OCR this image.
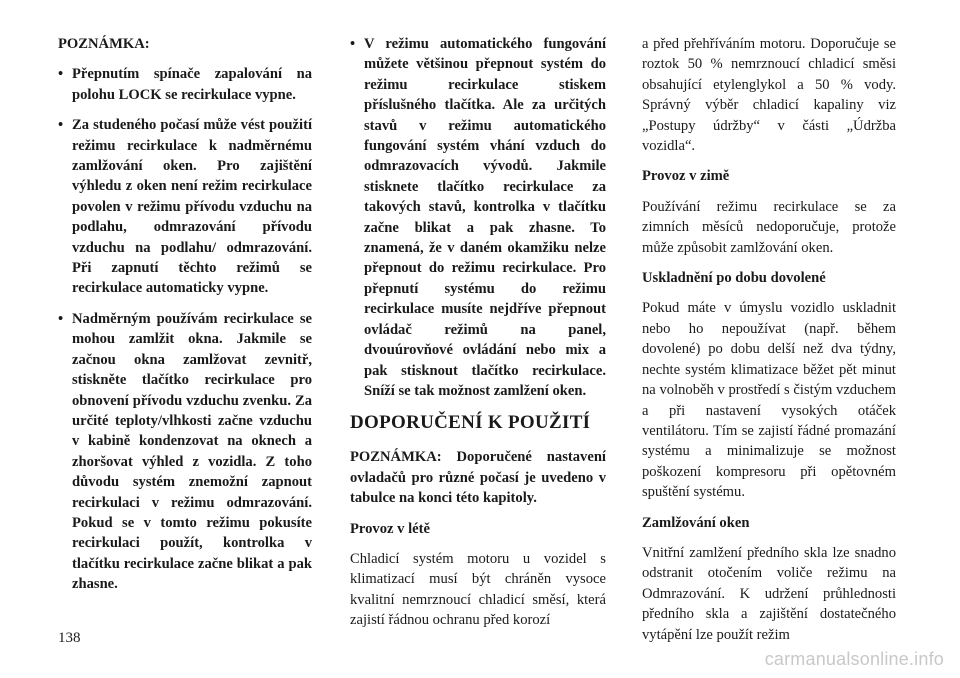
POZNÁMKA:

• Přepnutím spínače zapalování na polohu LOCK se recirkulace vypne.
• Za studeného počasí může vést použití režimu recirkulace k nadměrnému zamlžování oken. Pro zajištění výhledu z oken není režim recirkulace povolen v režimu přívodu vzduchu na podlahu, odmrazování přívodu vzduchu na podlahu/ odmrazování. Při zapnutí těchto režimů se recirkulace automaticky vypne.
• Nadměrným používám recirkulace se mohou zamlžit okna. Jakmile se začnou okna zamlžovat zevnitř, stiskněte tlačítko recirkulace pro obnovení přívodu vzduchu zvenku. Za určité teploty/vlhkosti začne vzduchu v kabině kondenzovat na oknech a zhoršovat výhled z vozidla. Z toho důvodu systém znemožní zapnout recirkulaci v režimu odmrazování. Pokud se v tomto režimu pokusíte recirkulaci použít, kontrolka v tlačítku recirkulace začne blikat a pak zhasne.
• V režimu automatického fungování můžete většinou přepnout systém do režimu recirkulace stiskem příslušného tlačítka. Ale za určitých stavů v režimu automatického fungování systém vhání vzduch do odmrazovacích vývodů. Jakmile stisknete tlačítko recirkulace za takových stavů, kontrolka v tlačítku začne blikat a pak zhasne. To znamená, že v daném okamžiku nelze přepnout do režimu recirkulace. Pro přepnutí systému do režimu recirkulace musíte nejdříve přepnout ovládač režimů na panel, dvouúrovňové ovládání nebo mix a pak stisknout tlačítko recirkulace. Sníží se tak možnost zamlžení oken.
DOPORUČENÍ K POUŽITÍ

POZNÁMKA: Doporučené nastavení ovladačů pro různé počasí je uvedeno v tabulce na konci této kapitoly.

Provoz v létě

Chladicí systém motoru u vozidel s klimatizací musí být chráněn vysoce kvalitní nemrznoucí chladicí směsí, která zajistí řádnou ochranu před korozí

a před přehříváním motoru. Doporučuje se roztok 50 % nemrznoucí chladicí směsi obsahující etylenglykol a 50 % vody. Správný výběr chladicí kapaliny viz „Postupy údržby“ v části „Údržba vozidla“.

Provoz v zimě

Používání režimu recirkulace se za zimních měsíců nedoporučuje, protože může způsobit zamlžování oken.

Uskladnění po dobu dovolené

Pokud máte v úmyslu vozidlo uskladnit nebo ho nepoužívat (např. během dovolené) po dobu delší než dva týdny, nechte systém klimatizace běžet pět minut na volnoběh v prostředí s čistým vzduchem a při nastavení vysokých otáček ventilátoru. Tím se zajistí řádné promazání systému a minimalizuje se možnost poškození kompresoru při opětovném spuštění systému.

Zamlžování oken

Vnitřní zamlžení předního skla lze snadno odstranit otočením voliče režimu na Odmrazování. K udržení průhlednosti předního skla a zajištění dostatečného vytápění lze použít režim

138
carmanualsonline.info
